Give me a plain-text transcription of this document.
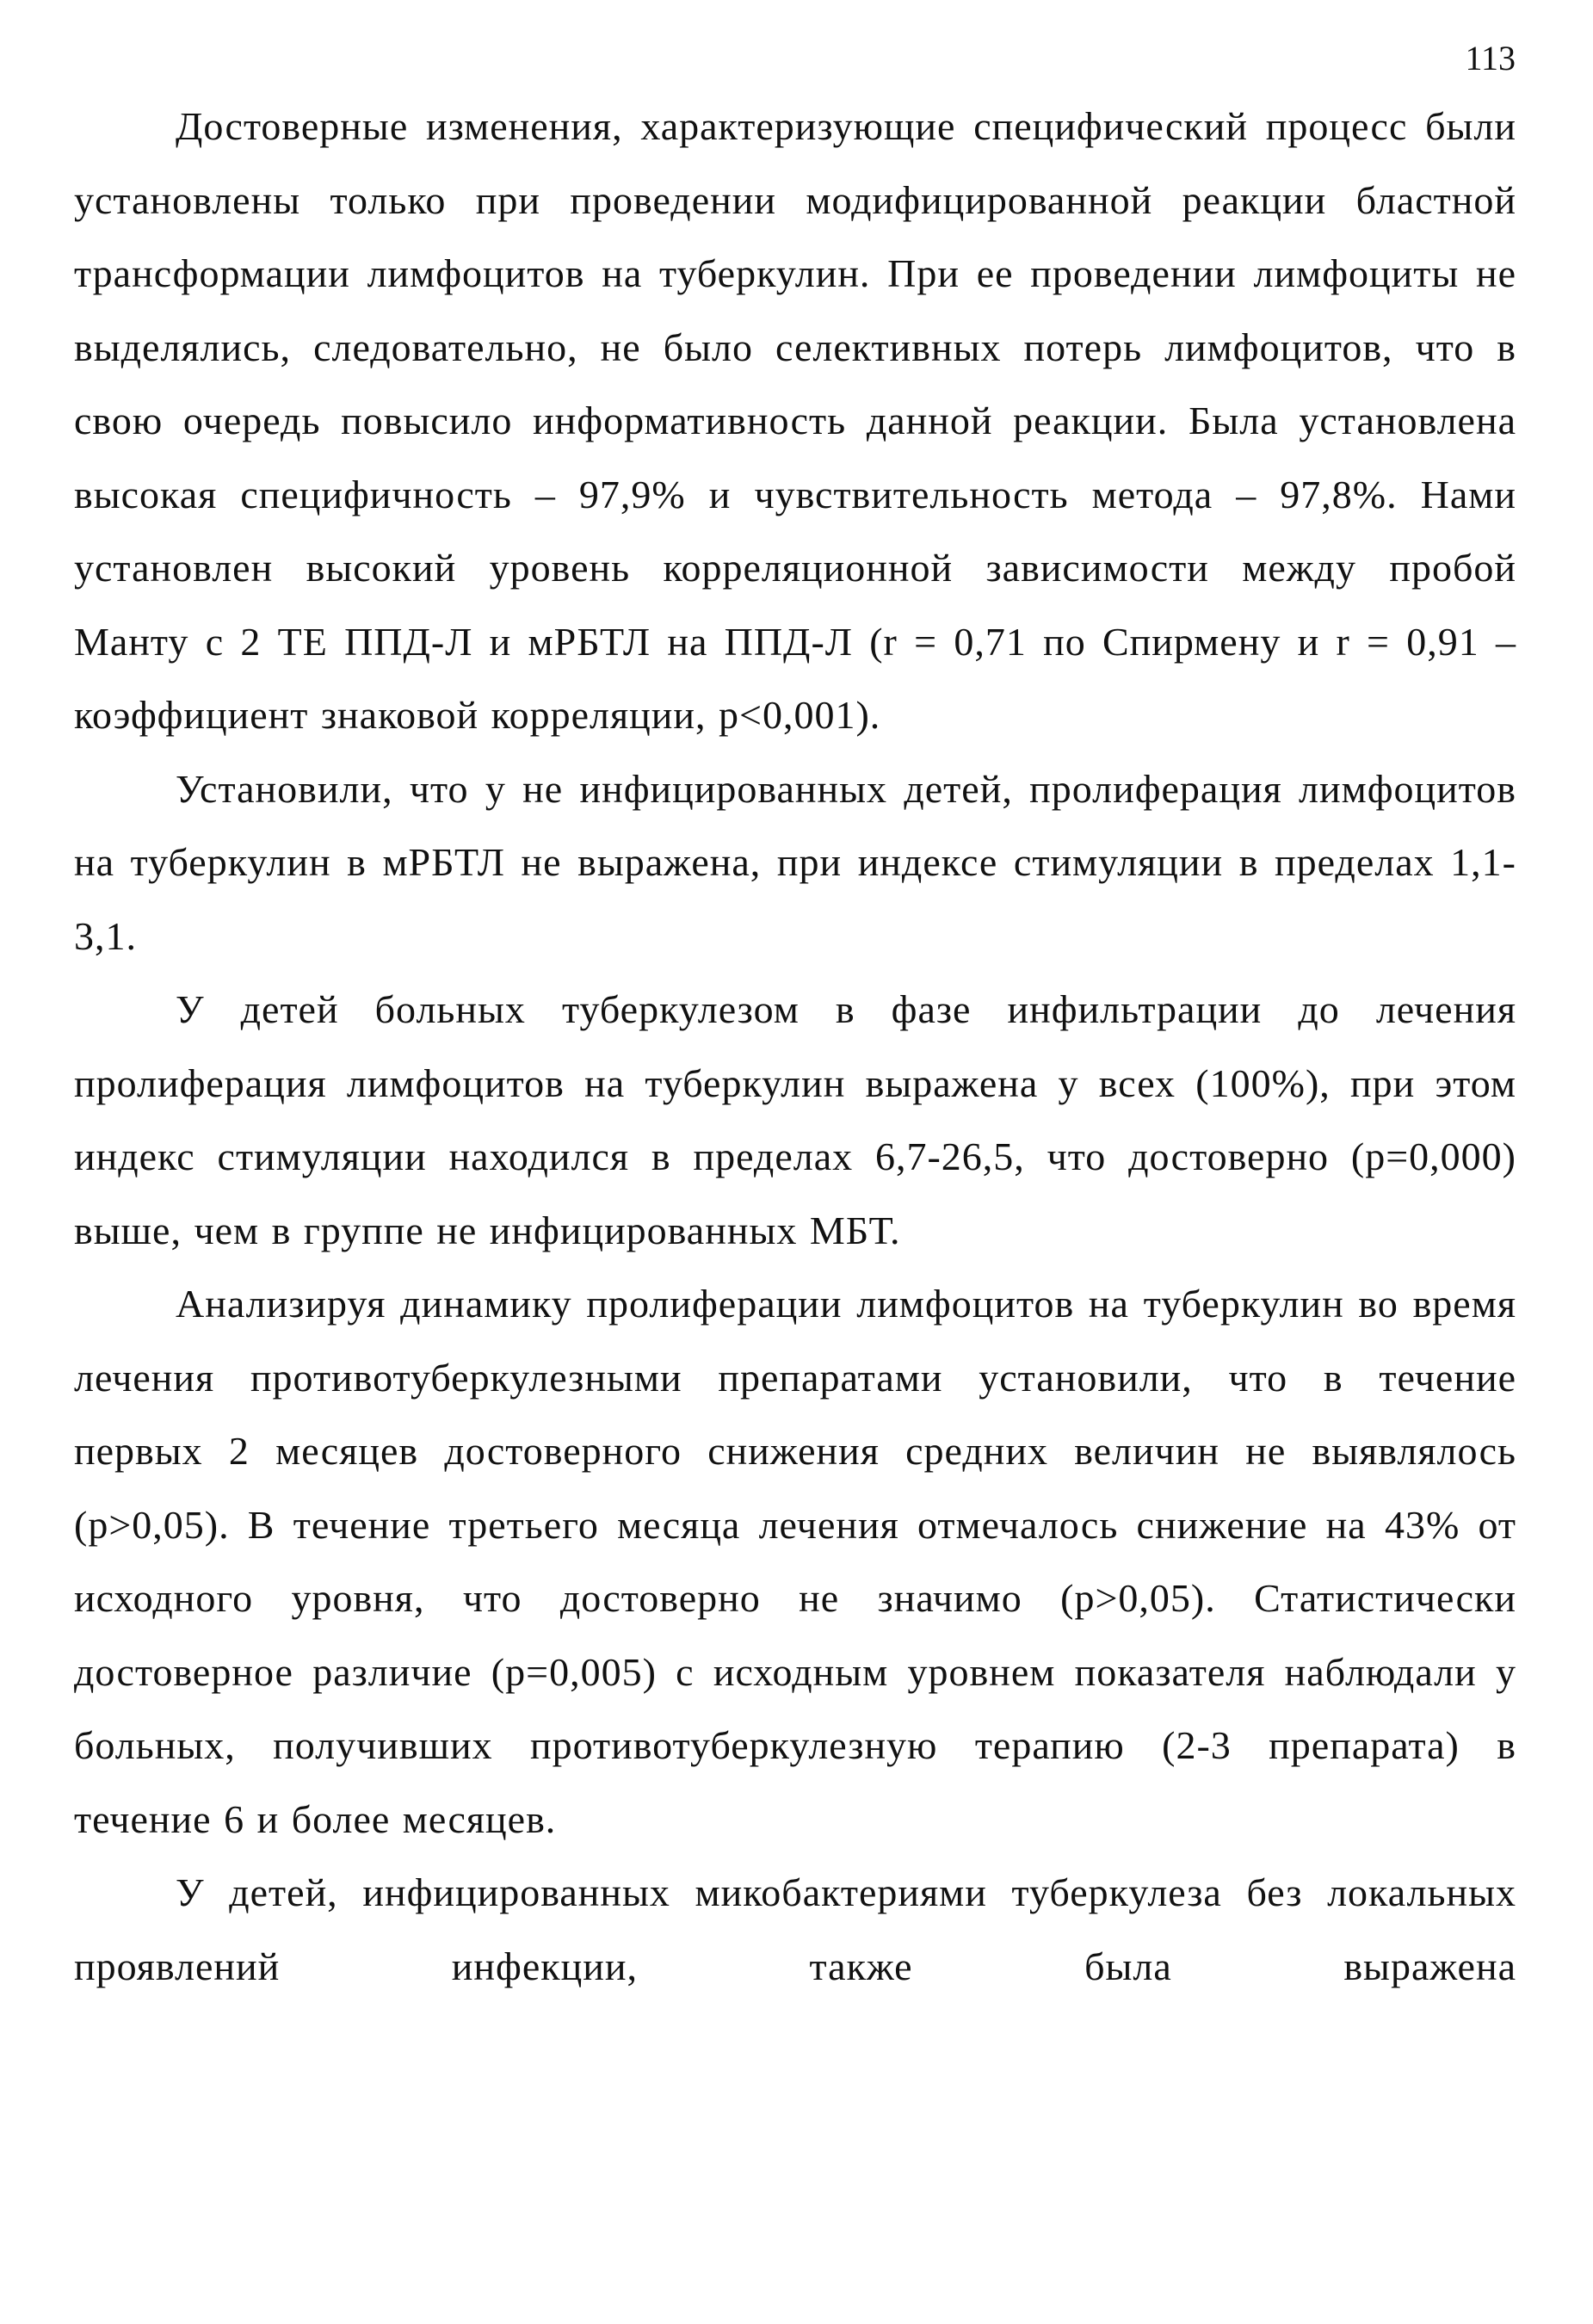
113

Достоверные изменения, характеризующие специфический процесс были установлены только при проведении модифицированной реакции бластной трансформации лимфоцитов на туберкулин. При ее проведении лимфоциты не выделялись, следовательно, не было селективных потерь лимфоцитов, что в свою очередь повысило информативность данной реакции. Была установлена высокая специфичность – 97,9% и чувствительность метода – 97,8%. Нами установлен высокий уровень корреляционной зависимости между пробой Манту с 2 ТЕ ППД-Л и мРБТЛ на ППД-Л (r = 0,71 по Спирмену и r = 0,91 – коэффициент знаковой корреляции, p<0,001).

Установили, что у не инфицированных детей, пролиферация лимфоцитов на туберкулин в мРБТЛ не выражена, при индексе стимуляции в пределах 1,1-3,1.

У детей больных туберкулезом в фазе инфильтрации до лечения пролиферация лимфоцитов на туберкулин выражена у всех (100%), при этом индекс стимуляции находился в пределах 6,7-26,5, что достоверно (p=0,000) выше, чем в группе не инфицированных МБТ.

Анализируя динамику пролиферации лимфоцитов на туберкулин во время лечения противотуберкулезными препаратами установили, что в течение первых 2 месяцев достоверного снижения средних величин не выявлялось (p>0,05). В течение третьего месяца лечения отмечалось снижение на 43% от исходного уровня, что достоверно не значимо (p>0,05). Статистически достоверное различие (p=0,005) с исходным уровнем показателя наблюдали у больных, получивших противотуберкулезную терапию (2-3 препарата) в течение 6 и более месяцев.

У детей, инфицированных микобактериями туберкулеза без локальных проявлений инфекции, также была выражена
